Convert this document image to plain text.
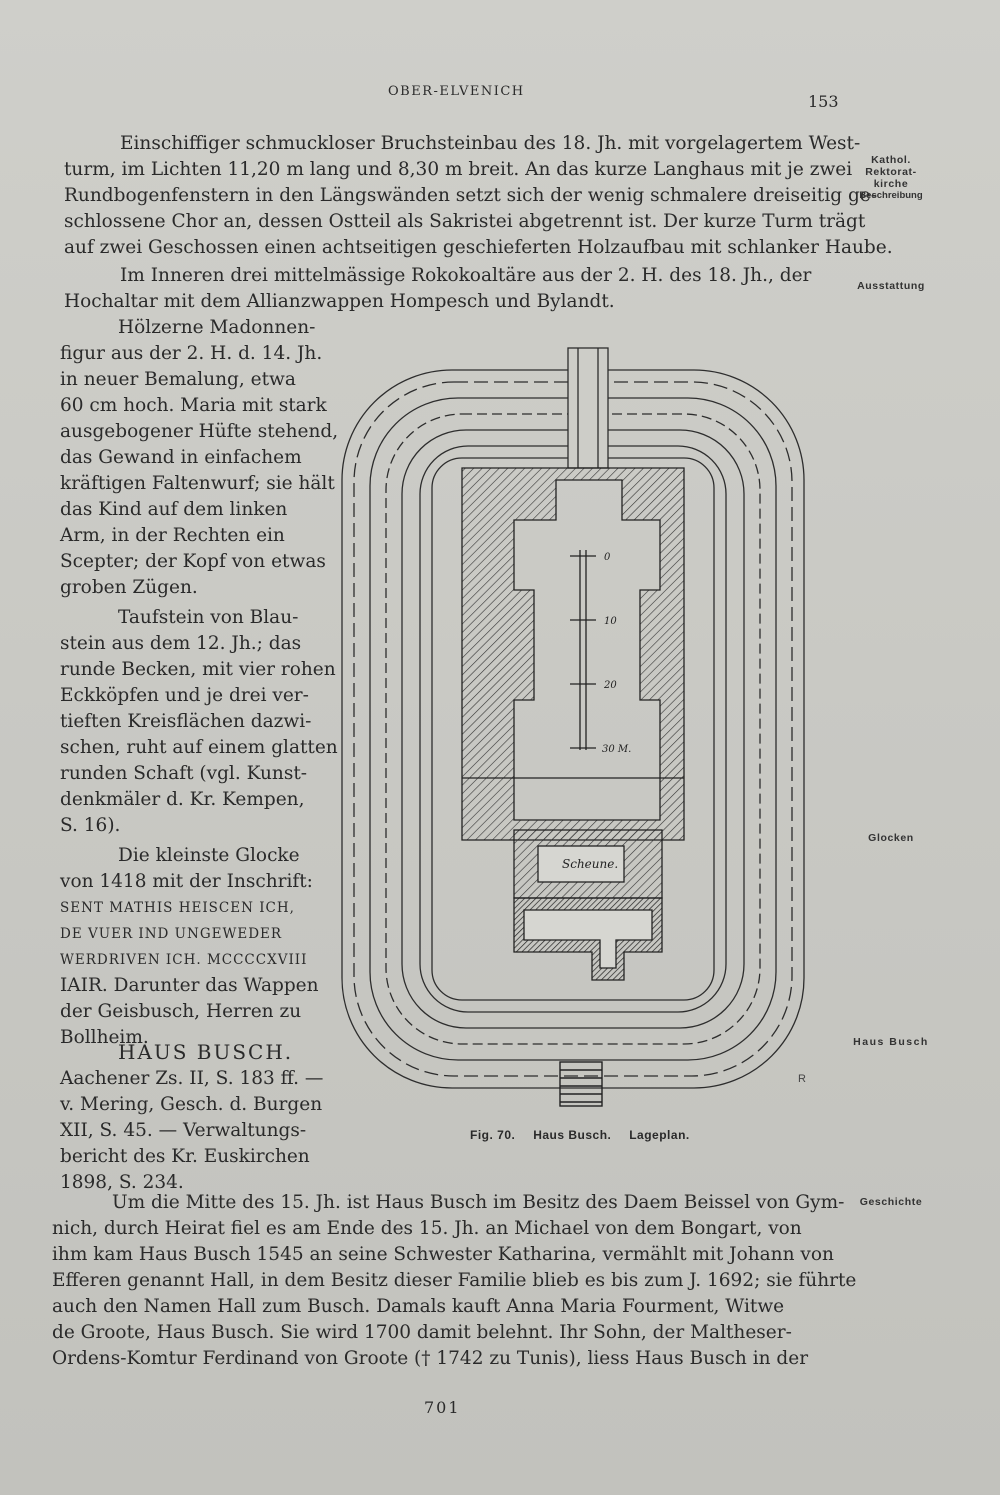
OBER-ELVENICH
153
Einschiffiger schmuckloser Bruchsteinbau des 18. Jh. mit vorgelagertem West-
turm, im Lichten 11,20 m lang und 8,30 m breit. An das kurze Langhaus mit je zwei
Rundbogenfenstern in den Längswänden setzt sich der wenig schmalere dreiseitig ge-
schlossene Chor an, dessen Ostteil als Sakristei abgetrennt ist. Der kurze Turm trägt
auf zwei Geschossen einen achtseitigen geschieferten Holzaufbau mit schlanker Haube.
Im Inneren drei mittelmässige Rokokoaltäre aus der 2. H. des 18. Jh., der
Hochaltar mit dem Allianzwappen Hompesch und Bylandt.
Hölzerne Madonnen-
figur aus der 2. H. d. 14. Jh.
in neuer Bemalung, etwa
60 cm hoch. Maria mit stark
ausgebogener Hüfte stehend,
das Gewand in einfachem
kräftigen Faltenwurf; sie hält
das Kind auf dem linken
Arm, in der Rechten ein
Scepter; der Kopf von etwas
groben Zügen.
Taufstein von Blau-
stein aus dem 12. Jh.; das
runde Becken, mit vier rohen
Eckköpfen und je drei ver-
tieften Kreisflächen dazwi-
schen, ruht auf einem glatten
runden Schaft (vgl. Kunst-
denkmäler d. Kr. Kempen,
S. 16).
Die kleinste Glocke
von 1418 mit der Inschrift:
SENT MATHIS HEISCEN ICH,
DE VUER IND UNGEWEDER
WERDRIVEN ICH. MCCCCXVIII
IAIR. Darunter das Wappen
der Geisbusch, Herren zu
Bollheim.
HAUS BUSCH.
Aachener Zs. II, S. 183 ff. —
v. Mering, Gesch. d. Burgen
XII, S. 45. — Verwaltungs-
bericht des Kr. Euskirchen
1898, S. 234.
Um die Mitte des 15. Jh. ist Haus Busch im Besitz des Daem Beissel von Gym-
nich, durch Heirat fiel es am Ende des 15. Jh. an Michael von dem Bongart, von
ihm kam Haus Busch 1545 an seine Schwester Katharina, vermählt mit Johann von
Efferen genannt Hall, in dem Besitz dieser Familie blieb es bis zum J. 1692; sie führte
auch den Namen Hall zum Busch. Damals kauft Anna Maria Fourment, Witwe
de Groote, Haus Busch. Sie wird 1700 damit belehnt. Ihr Sohn, der Maltheser-
Ordens-Komtur Ferdinand von Groote († 1742 zu Tunis), liess Haus Busch in der
Kathol.
Rektorat-
kirche
Beschreibung
Ausstattung
Glocken
Haus Busch
Geschichte
0
10
20
30 M.
Scheune.
R
Fig. 70. Haus Busch. Lageplan.
701
